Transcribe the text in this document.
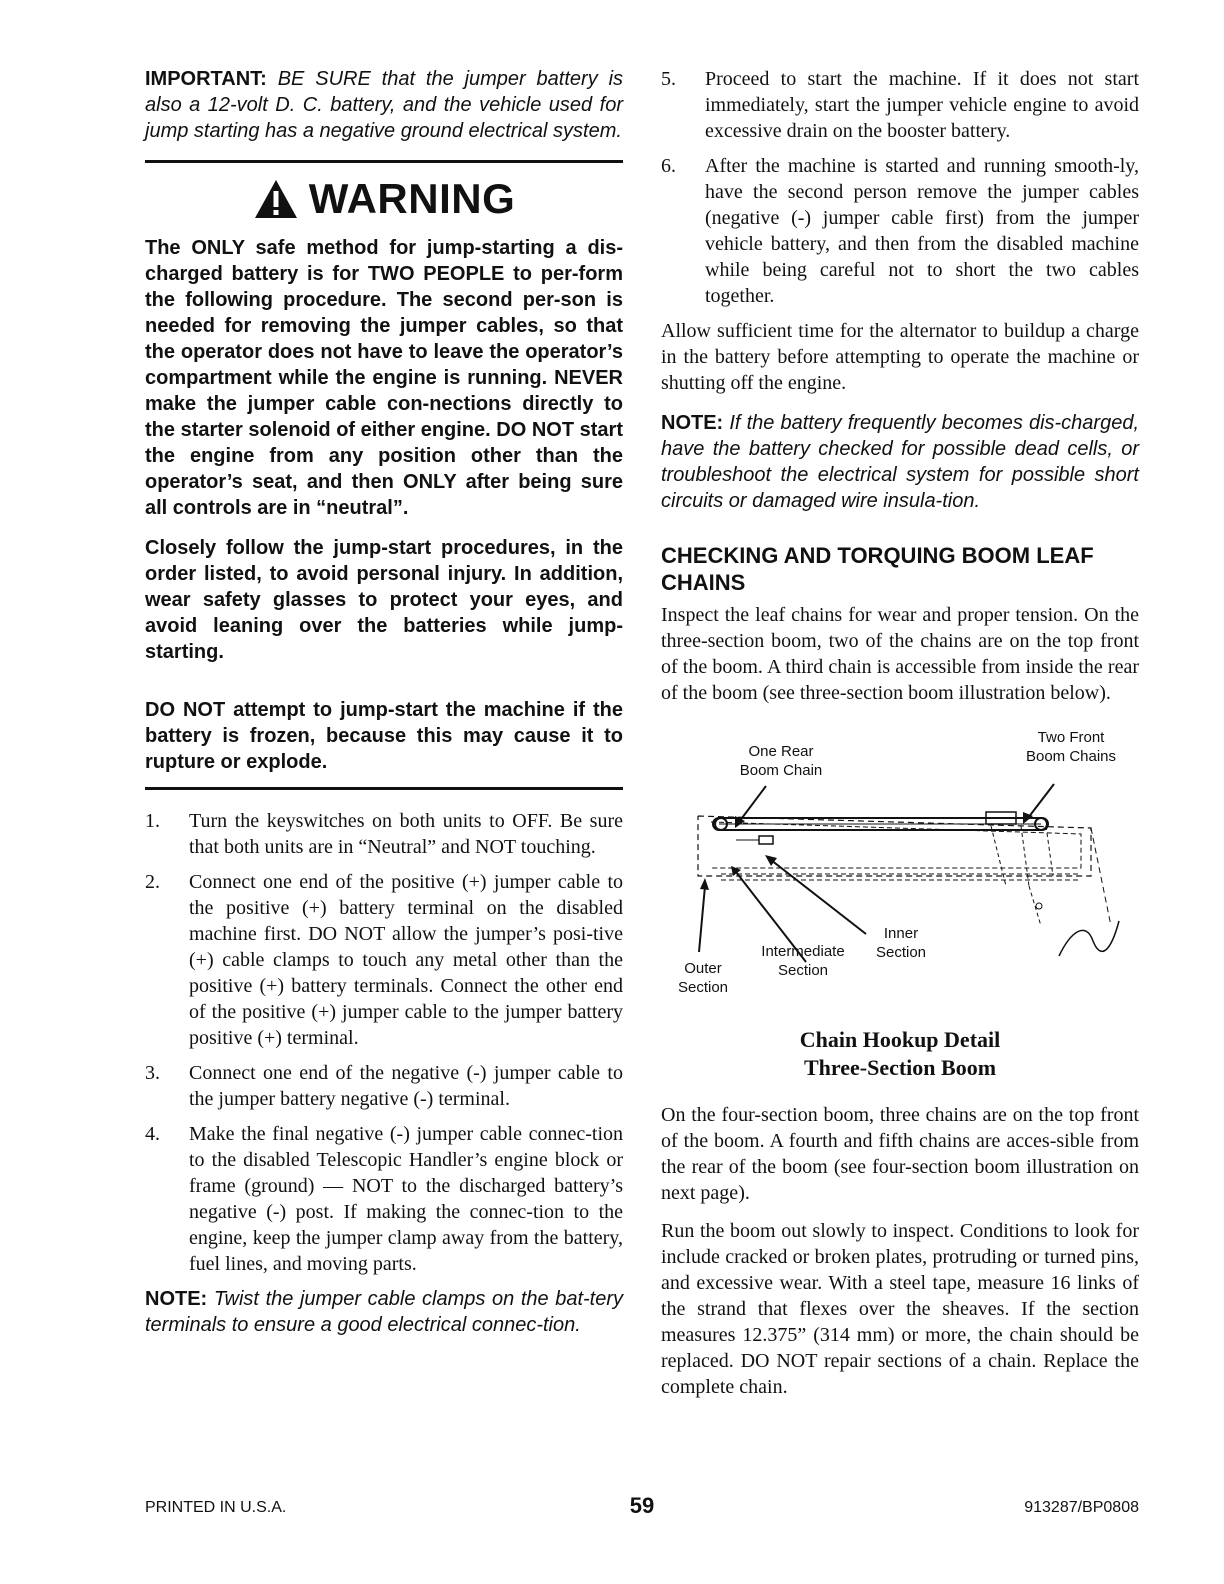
IMPORTANT: BE SURE that the jumper battery is also a 12-volt D. C. battery, and the vehicle used for jump starting has a negative ground electrical system.

WARNING

The ONLY safe method for jump-starting a dis-charged battery is for TWO PEOPLE to per-form the following procedure. The second per-son is needed for removing the jumper cables, so that the operator does not have to leave the operator’s compartment while the engine is running. NEVER make the jumper cable con-nections directly to the starter solenoid of either engine. DO NOT start the engine from any position other than the operator’s seat, and then ONLY after being sure all controls are in “neutral”.

Closely follow the jump-start procedures, in the order listed, to avoid personal injury. In addition, wear safety glasses to protect your eyes, and avoid leaning over the batteries while jump-starting.

DO NOT attempt to jump-start the machine if the battery is frozen, because this may cause it to rupture or explode.

1.	Turn the keyswitches on both units to OFF. Be sure that both units are in “Neutral” and NOT touching.
2.	Connect one end of the positive (+) jumper cable to the positive (+) battery terminal on the disabled machine first. DO NOT allow the jumper’s posi-tive (+) cable clamps to touch any metal other than the positive (+) battery terminals. Connect the other end of the positive (+) jumper cable to the jumper battery positive (+) terminal.
3.	Connect one end of the negative (-) jumper cable to the jumper battery negative (-) terminal.
4.	Make the final negative (-) jumper cable connec-tion to the disabled Telescopic Handler’s engine block or frame (ground) — NOT to the discharged battery’s negative (-) post. If making the connec-tion to the engine, keep the jumper clamp away from the battery, fuel lines, and moving parts.

NOTE: Twist the jumper cable clamps on the bat-tery terminals to ensure a good electrical connec-tion.

5.	Proceed to start the machine. If it does not start immediately, start the jumper vehicle engine to avoid excessive drain on the booster battery.
6.	After the machine is started and running smooth-ly, have the second person remove the jumper cables (negative (-) jumper cable first) from the jumper vehicle battery, and then from the disabled machine while being careful not to short the two cables together.

Allow sufficient time for the alternator to buildup a charge in the battery before attempting to operate the machine or shutting off the engine.

NOTE: If the battery frequently becomes dis-charged, have the battery checked for possible dead cells, or troubleshoot the electrical system for possible short circuits or damaged wire insula-tion.

CHECKING AND TORQUING BOOM LEAF CHAINS

Inspect the leaf chains for wear and proper tension. On the three-section boom, two of the chains are on the top front of the boom. A third chain is accessible from inside the rear of the boom (see three-section boom illustration below).

One Rear
Boom Chain
Two Front
Boom Chains
Inner
Section
Intermediate
Section
Outer
Section
Chain Hookup Detail
Three-Section Boom

On the four-section boom, three chains are on the top front of the boom. A fourth and fifth chains are acces-sible from the rear of the boom (see four-section boom illustration on next page).

Run the boom out slowly to inspect. Conditions to look for include cracked or broken plates, protruding or turned pins, and excessive wear. With a steel tape, measure 16 links of the strand that flexes over the sheaves. If the section measures 12.375” (314 mm) or more, the chain should be replaced. DO NOT repair sections of a chain. Replace the complete chain.

PRINTED IN U.S.A.	59	913287/BP0808
